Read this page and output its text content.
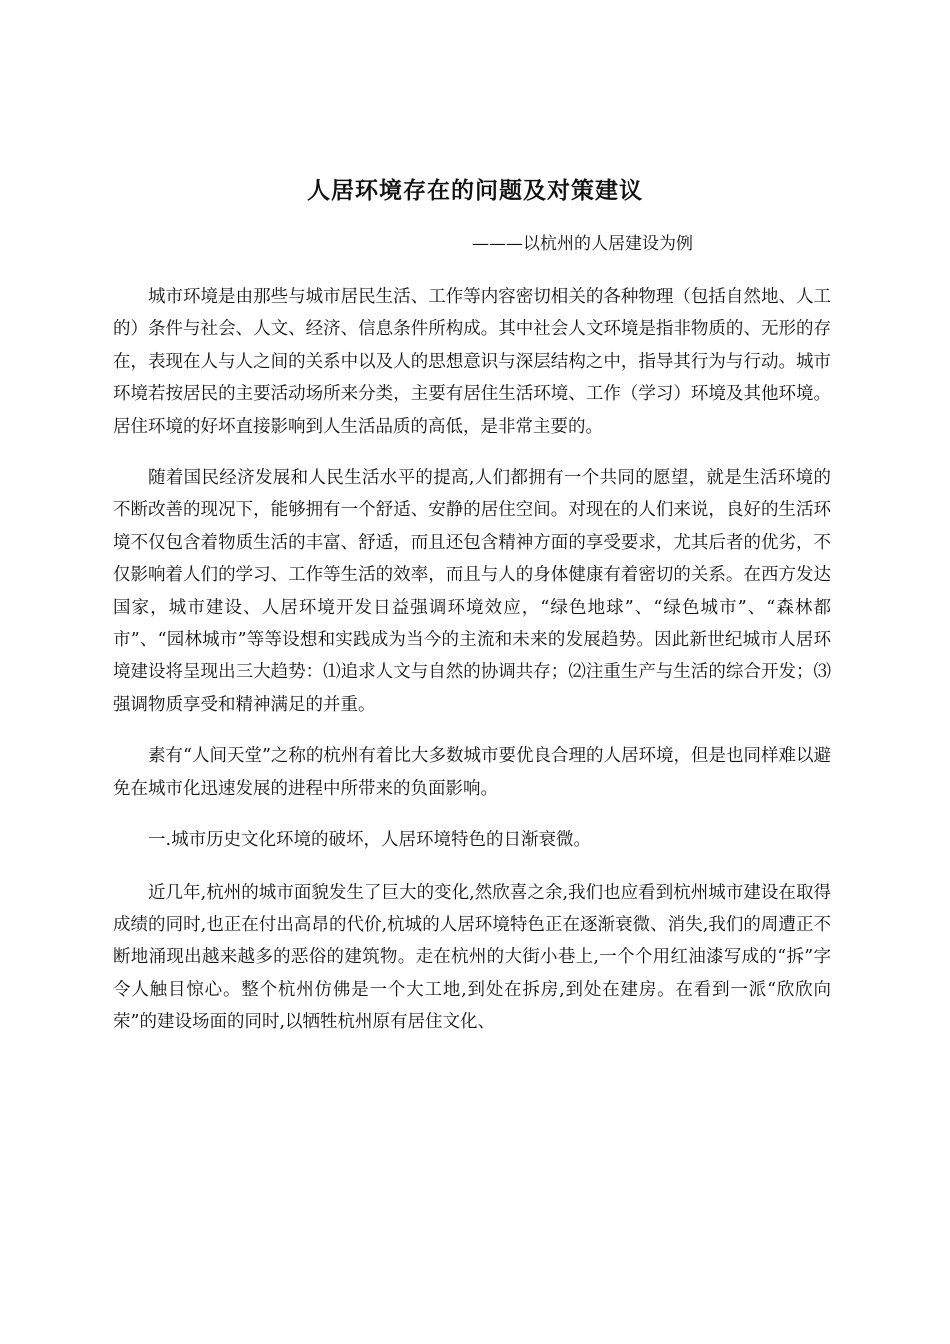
人居环境存在的问题及对策建议

———以杭州的人居建设为例

城市环境是由那些与城市居民生活、工作等内容密切相关的各种物理（包括自然地、人工的）条件与社会、人文、经济、信息条件所构成。其中社会人文环境是指非物质的、无形的存在，表现在人与人之间的关系中以及人的思想意识与深层结构之中，指导其行为与行动。城市环境若按居民的主要活动场所来分类，主要有居住生活环境、工作（学习）环境及其他环境。居住环境的好坏直接影响到人生活品质的高低，是非常主要的。

随着国民经济发展和人民生活水平的提高,人们都拥有一个共同的愿望，就是生活环境的不断改善的现况下，能够拥有一个舒适、安静的居住空间。对现在的人们来说，良好的生活环境不仅包含着物质生活的丰富、舒适，而且还包含精神方面的享受要求，尤其后者的优劣，不仅影响着人们的学习、工作等生活的效率，而且与人的身体健康有着密切的关系。在西方发达国家，城市建设、人居环境开发日益强调环境效应，“绿色地球”、“绿色城市”、“森林都市”、“园林城市”等等设想和实践成为当今的主流和未来的发展趋势。因此新世纪城市人居环境建设将呈现出三大趋势：⑴追求人文与自然的协调共存；⑵注重生产与生活的综合开发；⑶强调物质享受和精神满足的并重。

素有“人间天堂”之称的杭州有着比大多数城市要优良合理的人居环境，但是也同样难以避免在城市化迅速发展的进程中所带来的负面影响。

一.城市历史文化环境的破坏，人居环境特色的日渐衰微。

近几年,杭州的城市面貌发生了巨大的变化,然欣喜之余,我们也应看到杭州城市建设在取得成绩的同时,也正在付出高昂的代价,杭城的人居环境特色正在逐渐衰微、消失,我们的周遭正不断地涌现出越来越多的恶俗的建筑物。走在杭州的大街小巷上,一个个用红油漆写成的“拆”字令人触目惊心。整个杭州仿佛是一个大工地,到处在拆房,到处在建房。在看到一派“欣欣向荣”的建设场面的同时,以牺牲杭州原有居住文化、
